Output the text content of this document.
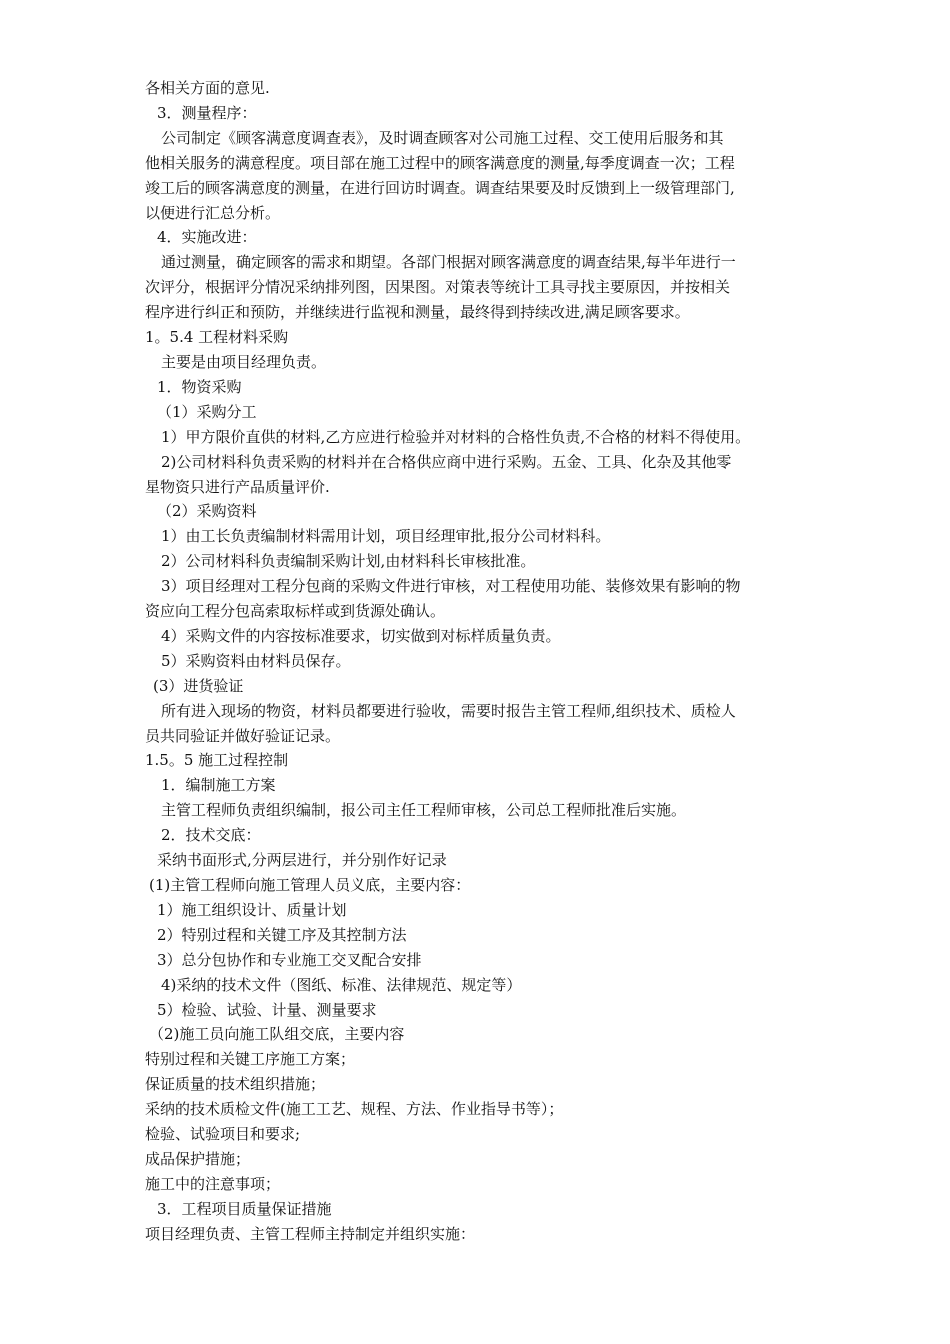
各相关方面的意见.
3．测量程序：
公司制定《顾客满意度调查表》，及时调查顾客对公司施工过程、交工使用后服务和其
他相关服务的满意程度。项目部在施工过程中的顾客满意度的测量,每季度调查一次；工程
竣工后的顾客满意度的测量，在进行回访时调查。调查结果要及时反馈到上一级管理部门,
以便进行汇总分析。
4．实施改进：
通过测量，确定顾客的需求和期望。各部门根据对顾客满意度的调查结果,每半年进行一
次评分，根据评分情况采纳排列图，因果图。对策表等统计工具寻找主要原因，并按相关
程序进行纠正和预防，并继续进行监视和测量，最终得到持续改进,满足顾客要求。
1。5.4 工程材料采购
主要是由项目经理负责。
1．物资采购
（1）采购分工
1）甲方限价直供的材料,乙方应进行检验并对材料的合格性负责,不合格的材料不得使用。
2)公司材料科负责采购的材料并在合格供应商中进行采购。五金、工具、化杂及其他零
星物资只进行产品质量评价.
（2）采购资料
1）由工长负责编制材料需用计划，项目经理审批,报分公司材料科。
2）公司材料科负责编制采购计划,由材料科长审核批准。
3）项目经理对工程分包商的采购文件进行审核，对工程使用功能、装修效果有影响的物
资应向工程分包高索取标样或到货源处确认。
4）采购文件的内容按标准要求，切实做到对标样质量负责。
5）采购资料由材料员保存。
(3）进货验证
所有进入现场的物资，材料员都要进行验收，需要时报告主管工程师,组织技术、质检人
员共同验证并做好验证记录。
1.5。5 施工过程控制
1．编制施工方案
主管工程师负责组织编制，报公司主任工程师审核，公司总工程师批准后实施。
2．技术交底：
采纳书面形式,分两层进行，并分别作好记录
(1)主管工程师向施工管理人员义底，主要内容：
1）施工组织设计、质量计划
2）特别过程和关键工序及其控制方法
3）总分包协作和专业施工交叉配合安排
4)采纳的技术文件（图纸、标准、法律规范、规定等）
5）检验、试验、计量、测量要求
（2)施工员向施工队组交底，主要内容
特别过程和关键工序施工方案；
保证质量的技术组织措施；
采纳的技术质检文件(施工工艺、规程、方法、作业指导书等）；
检验、试验项目和要求;
成品保护措施；
施工中的注意事项；
3．工程项目质量保证措施
项目经理负责、主管工程师主持制定并组织实施：
